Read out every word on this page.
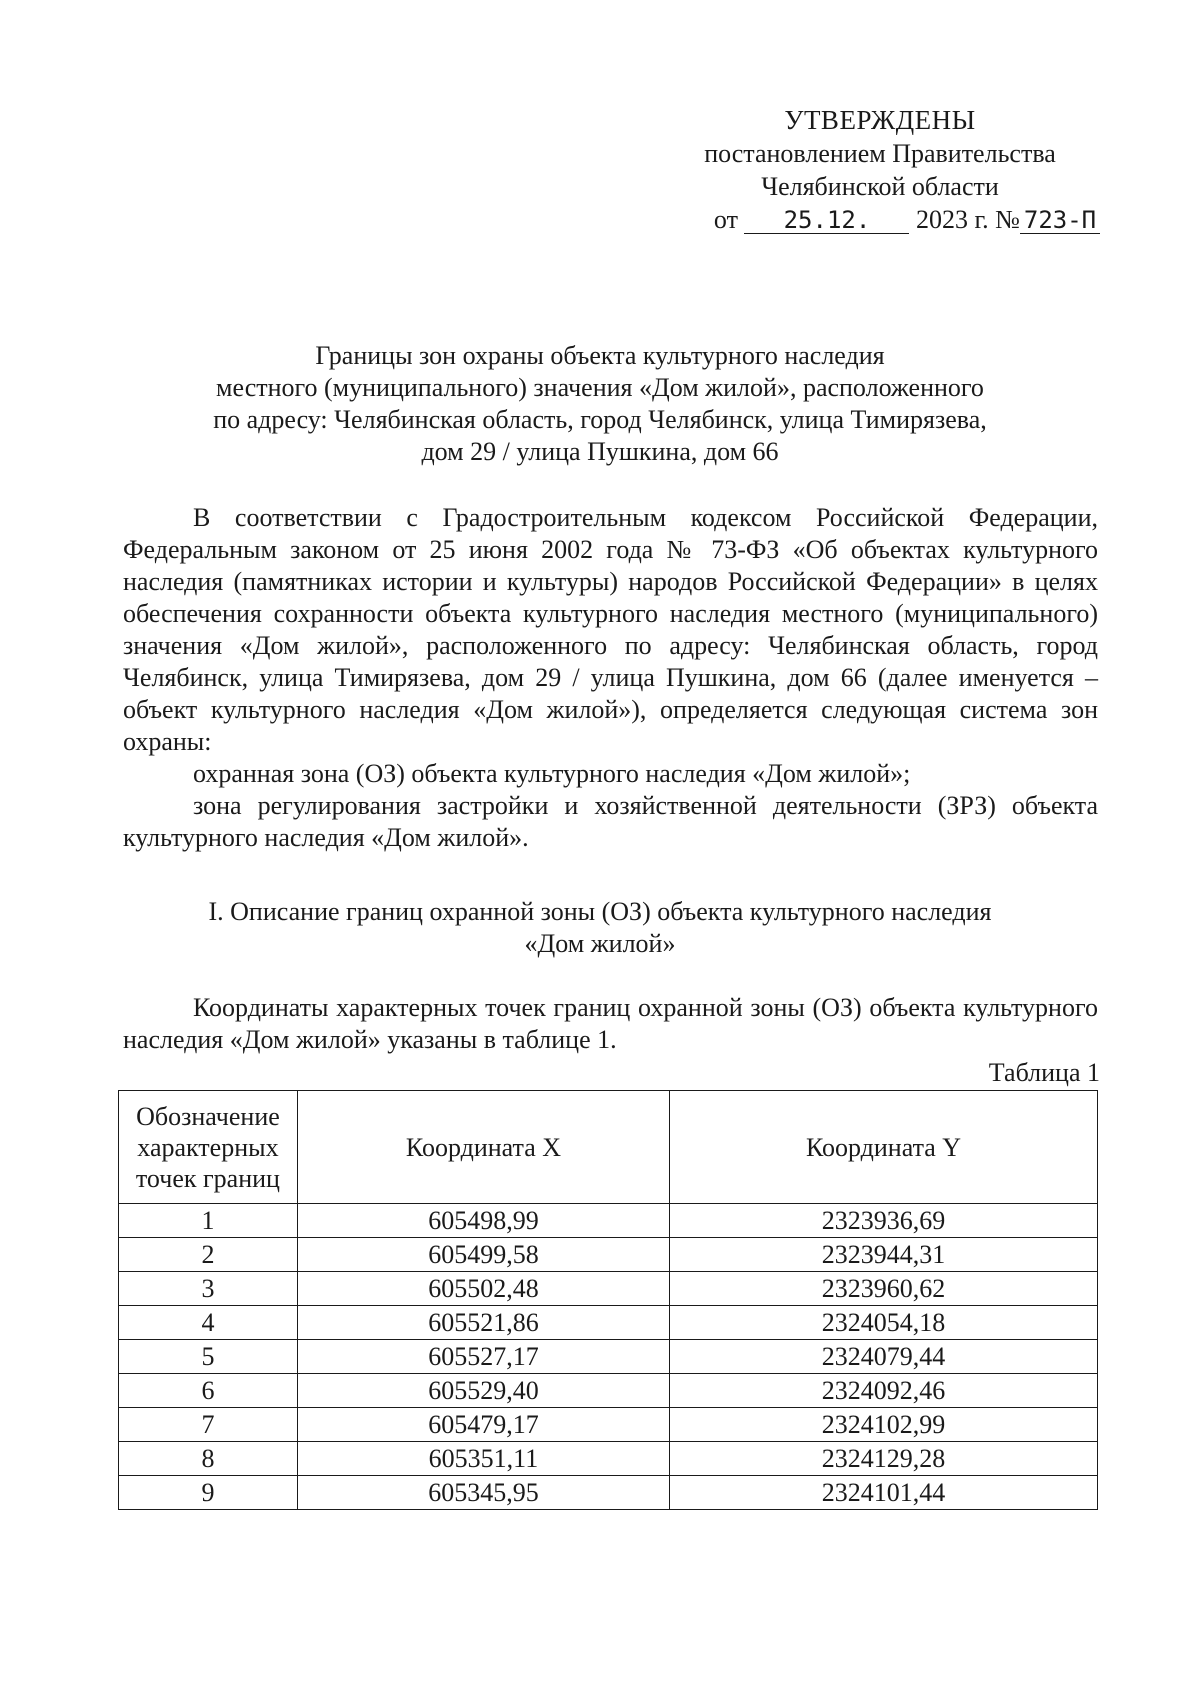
УТВЕРЖДЕНЫ
постановлением Правительства
Челябинской области
от 25.12. 2023 г. № 723-П
Границы зон охраны объекта культурного наследия
местного (муниципального) значения «Дом жилой», расположенного
по адресу: Челябинская область, город Челябинск, улица Тимирязева,
дом 29 / улица Пушкина, дом 66

В соответствии с Градостроительным кодексом Российской Федерации, Федеральным законом от 25 июня 2002 года № 73-ФЗ «Об объектах культурного наследия (памятниках истории и культуры) народов Российской Федерации» в целях обеспечения сохранности объекта культурного наследия местного (муниципального) значения «Дом жилой», расположенного по адресу: Челябинская область, город Челябинск, улица Тимирязева, дом 29 / улица Пушкина, дом 66 (далее именуется – объект культурного наследия «Дом жилой»), определяется следующая система зон охраны:

охранная зона (ОЗ) объекта культурного наследия «Дом жилой»;

зона регулирования застройки и хозяйственной деятельности (ЗРЗ) объекта культурного наследия «Дом жилой».

I. Описание границ охранной зоны (ОЗ) объекта культурного наследия
«Дом жилой»

Координаты характерных точек границ охранной зоны (ОЗ) объекта культурного наследия «Дом жилой» указаны в таблице 1.

Таблица 1
Обозначение
характерных
точек границ	Координата X	Координата Y
1	605498,99	2323936,69
2	605499,58	2323944,31
3	605502,48	2323960,62
4	605521,86	2324054,18
5	605527,17	2324079,44
6	605529,40	2324092,46
7	605479,17	2324102,99
8	605351,11	2324129,28
9	605345,95	2324101,44
